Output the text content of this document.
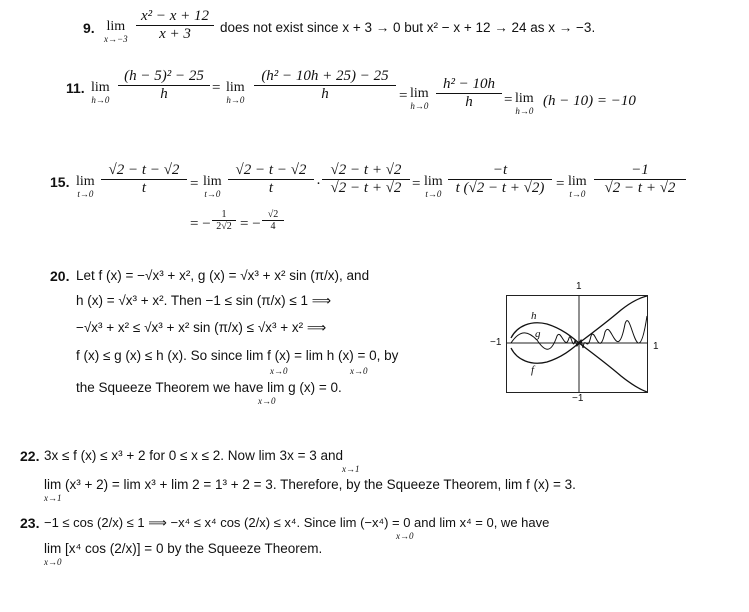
9. lim
x→−3
x² − x + 12
x + 3	does not exist since x + 3 → 0 but x² − x + 12 → 24 as x → −3.
11. lim
h→0
(h − 5)² − 25
h	= lim
h→0
(h² − 10h + 25) − 25
h	= lim
h→0
h² − 10h
h	= lim
h→0
(h − 10) = −10
15. lim
t→0
√2 − t − √2
t	= lim
t→0
√2 − t − √2
t	·
√2 − t + √2
√2 − t + √2 = lim
t→0
−t
t (√2 − t + √2) = lim
t→0
−1
√2 − t + √2
= −
1
2√2 = −
√2
4
20. Let f (x) = −√x³ + x², g (x) = √x³ + x² sin (π/x), and
h (x) = √x³ + x². Then −1 ≤ sin (π/x) ≤ 1 ⟹
−√x³ + x² ≤ √x³ + x² sin (π/x) ≤ √x³ + x² ⟹
f (x) ≤ g (x) ≤ h (x). So since lim f (x) = lim h (x) = 0, by
x→0	x→0
the Squeeze Theorem we have lim g (x) = 0.
x→0
1
−1
−1	1
h
g
f
22. 3x ≤ f (x) ≤ x³ + 2 for 0 ≤ x ≤ 2. Now lim 3x = 3 and
x→1
lim (x³ + 2) = lim x³ + lim 2 = 1³ + 2 = 3. Therefore, by the Squeeze Theorem, lim f (x) = 3.
x→1
23. −1 ≤ cos (2/x) ≤ 1 ⟹ −x⁴ ≤ x⁴ cos (2/x) ≤ x⁴. Since lim (−x⁴) = 0 and lim x⁴ = 0, we have
x→0
lim [x⁴ cos (2/x)] = 0 by the Squeeze Theorem.
x→0
